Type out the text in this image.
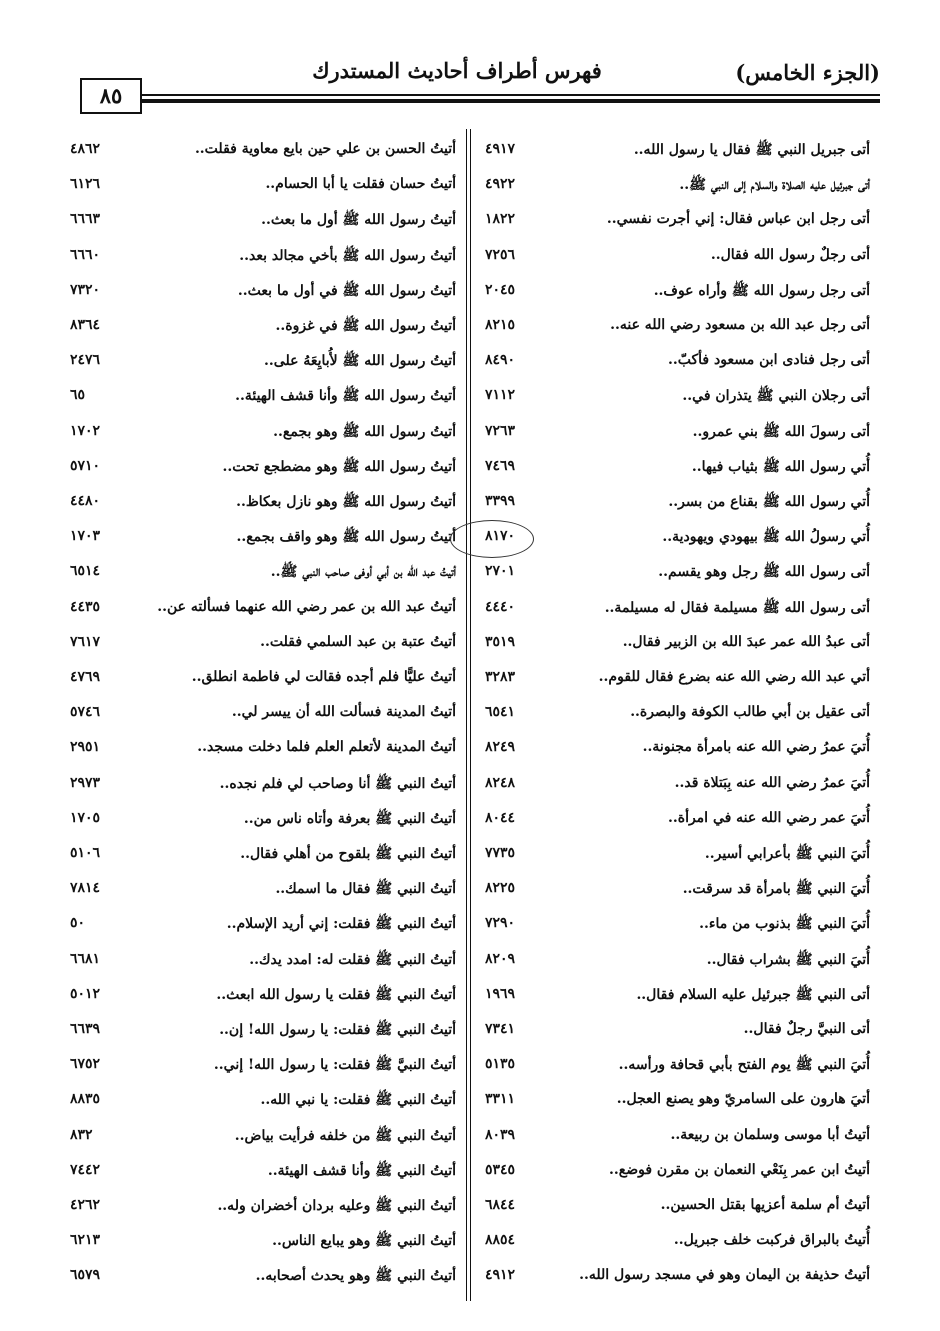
٨٥
فهرس أطراف أحاديث المستدرك	(الجزء الخامس)
أتى جبريل النبي ﷺ فقال يا رسول الله..
٤٩١٧
أتى جبرئيل عليه الصلاة والسلام إلى النبي ﷺ..
٤٩٢٢
أتى رجل ابن عباس فقال: إني أجرت نفسي..
١٨٢٢
أتى رجلٌ رسول الله فقال..
٧٢٥٦
أتى رجل رسول الله ﷺ وأراه عوف..
٢٠٤٥
أتى رجل عبد الله بن مسعود رضي الله عنه..
٨٢١٥
أتى رجل فنادى ابن مسعود فأكبّ..
٨٤٩٠
أتى رجلان النبي ﷺ يتذران في..
٧١١٢
أتى رسولَ الله ﷺ بني عمرو..
٧٢٦٣
أُتي رسول الله ﷺ بثياب فيها..
٧٤٦٩
أُتي رسول الله ﷺ بقناع من بسر..
٣٣٩٩
أُتي رسولُ الله ﷺ بيهودي ويهودية..
٨١٧٠
أتى رسول الله ﷺ رجل وهو يقسم..
٢٧٠١
أتى رسول الله ﷺ مسيلمة فقال له مسيلمة..
٤٤٤٠
أتى عبدُ الله عمر عبدَ الله بن الزبير فقال..
٣٥١٩
أتي عبد الله رضي الله عنه بضرع فقال للقوم..
٣٢٨٣
أتى عقيل بن أبي طالب الكوفة والبصرة..
٦٥٤١
أُتيَ عمرُ رضي الله عنه بامرأة مجنونة..
٨٢٤٩
أُتيَ عمرُ رضي الله عنه بِبَتلاة قد..
٨٢٤٨
أُتيَ عمر رضي الله عنه في امرأة..
٨٠٤٤
أُتيَ النبي ﷺ بأعرابي أسير..
٧٧٣٥
أُتيَ النبي ﷺ بامرأة قد سرقت..
٨٢٢٥
أُتيَ النبي ﷺ بذنوب من ماء..
٧٢٩٠
أُتيَ النبي ﷺ بشراب فقال..
٨٢٠٩
أتى النبي ﷺ جبرئيل عليه السلام فقال..
١٩٦٩
أتى النبيَّ رجلٌ فقال..
٧٣٤١
أُتيَ النبي ﷺ يوم الفتح بأبي قحافة ورأسه..
٥١٣٥
أتيَ هارون على السامريّ وهو يصنع العجل..
٣٣١١
أتيتُ أبا موسى وسلمان بن ربيعة..
٨٠٣٩
أتيتُ ابن عمر بِنَعْي النعمان بن مقرن فوضع..
٥٣٤٥
أتيتُ أم سلمة أعزيها بقتل الحسين..
٦٨٤٤
أُتيتُ بالبراق فركبت خلف جبريل..
٨٨٥٤
أتيتُ حذيفة بن اليمان وهو في مسجد رسول الله..
٤٩١٢
أتيتُ الحسن بن علي حين بايع معاوية فقلت..
٤٨٦٢
أتيتُ حسان فقلت يا أبا الحسام..
٦١٢٦
أتيتُ رسول الله ﷺ أول ما بعث..
٦٦٦٣
أتيتُ رسول الله ﷺ بأخي مجالد بعد..
٦٦٦٠
أتيتُ رسول الله ﷺ في أول ما بعث..
٧٣٢٠
أتيتُ رسول الله ﷺ في غزوة..
٨٣٦٤
أتيتُ رسول الله ﷺ لأُبايِعَهُ على..
٢٤٧٦
أتيتُ رسول الله ﷺ وأنا قشف الهيئة..
٦٥
أتيتُ رسول الله ﷺ وهو بجمع..
١٧٠٢
أتيتُ رسول الله ﷺ وهو مضطجع تحت..
٥٧١٠
أتيتُ رسول الله ﷺ وهو نازل بعكاظ..
٤٤٨٠
أتيتُ رسول الله ﷺ وهو واقف بجمع..
١٧٠٣
أتيتُ عبد الله بن أبي أوفى صاحب النبي ﷺ..
٦٥١٤
أتيتُ عبد الله بن عمر رضي الله عنهما فسألته عن..
٤٤٣٥
أتيتُ عتبة بن عبد السلمي فقلت..
٧٦١٧
أتيتُ عليًّا فلم أجده فقالت لي فاطمة انطلق..
٤٧٦٩
أتيتُ المدينة فسألت الله أن ييسر لي..
٥٧٤٦
أتيتُ المدينة لأتعلم العلم فلما دخلت مسجد..
٢٩٥١
أتيتُ النبي ﷺ أنا وصاحب لي فلم نجده..
٢٩٧٣
أتيتُ النبي ﷺ بعرفة وأتاه ناس من..
١٧٠٥
أتيتُ النبي ﷺ بلقوح من أهلي فقال..
٥١٠٦
أتيتُ النبي ﷺ فقال ما اسمك..
٧٨١٤
أتيتُ النبي ﷺ فقلت: إني أريد الإسلام..
٥٠
أتيتُ النبي ﷺ فقلت له: امدد يدك..
٦٦٨١
أتيتُ النبي ﷺ فقلت يا رسول الله ابعث..
٥٠١٢
أتيتُ النبي ﷺ فقلت: يا رسول الله! إن..
٦٦٣٩
أتيتُ النبيَّ ﷺ فقلت: يا رسول الله! إني..
٦٧٥٢
أتيتُ النبي ﷺ فقلت: يا نبي الله..
٨٨٣٥
أتيتُ النبي ﷺ من خلفه فرأيت بياض..
٨٣٢
أتيتُ النبي ﷺ وأنا قشف الهيئة..
٧٤٤٢
أتيتُ النبي ﷺ وعليه بردان أخضران وله..
٤٢٦٢
أتيتُ النبي ﷺ وهو يبايع الناس..
٦٢١٣
أتيتُ النبي ﷺ وهو يحدث أصحابه..
٦٥٧٩
